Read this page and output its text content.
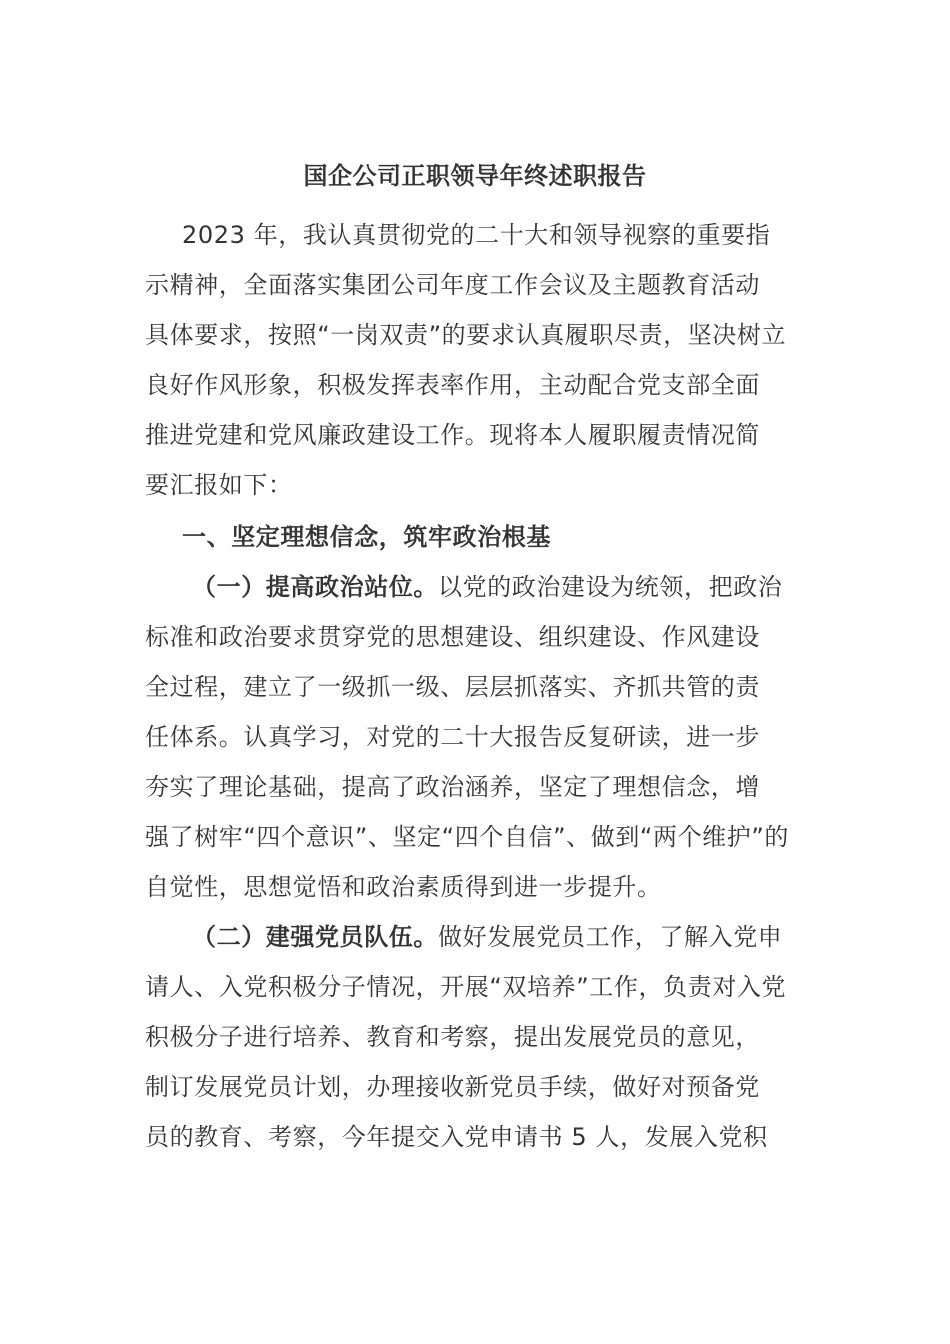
国企公司正职领导年终述职报告
2023 年，我认真贯彻党的二十大和领导视察的重要指
示精神，全面落实集团公司年度工作会议及主题教育活动
具体要求，按照“一岗双责”的要求认真履职尽责，坚决树立
良好作风形象，积极发挥表率作用，主动配合党支部全面
推进党建和党风廉政建设工作。现将本人履职履责情况简
要汇报如下：
一、坚定理想信念，筑牢政治根基
（一）提高政治站位。以党的政治建设为统领，把政治
标准和政治要求贯穿党的思想建设、组织建设、作风建设
全过程，建立了一级抓一级、层层抓落实、齐抓共管的责
任体系。认真学习，对党的二十大报告反复研读，进一步
夯实了理论基础，提高了政治涵养，坚定了理想信念，增
强了树牢“四个意识”、坚定“四个自信”、做到“两个维护”的
自觉性，思想觉悟和政治素质得到进一步提升。
（二）建强党员队伍。做好发展党员工作，了解入党申
请人、入党积极分子情况，开展“双培养”工作，负责对入党
积极分子进行培养、教育和考察，提出发展党员的意见，
制订发展党员计划，办理接收新党员手续，做好对预备党
员的教育、考察，今年提交入党申请书 5 人，发展入党积
